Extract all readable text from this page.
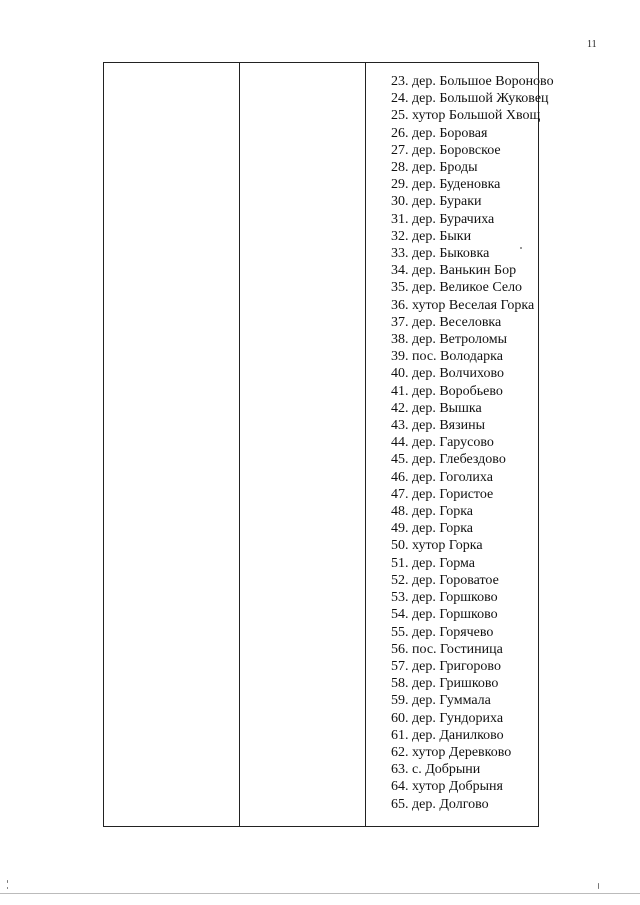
11

23. дер. Большое Вороново
24. дер. Большой Жуковец
25. хутор Большой Хвощ
26. дер. Боровая
27. дер. Боровское
28. дер. Броды
29. дер. Буденовка
30. дер. Бураки
31. дер. Бурачиха
32. дер. Быки
33. дер. Быковка
34. дер. Ванькин Бор
35. дер. Великое Село
36. хутор Веселая Горка
37. дер. Веселовка
38. дер. Ветроломы
39. пос. Володарка
40. дер. Волчихово
41. дер. Воробьево
42. дер. Вышка
43. дер. Вязины
44. дер. Гарусово
45. дер. Глебездово
46. дер. Гоголиха
47. дер. Гористое
48. дер. Горка
49. дер. Горка
50. хутор Горка
51. дер. Горма
52. дер. Гороватое
53. дер. Горшково
54. дер. Горшково
55. дер. Горячево
56. пос. Гостиница
57. дер. Григорово
58. дер. Гришково
59. дер. Гуммала
60. дер. Гундориха
61. дер. Данилково
62. хутор Деревково
63. с. Добрыни
64. хутор Добрыня
65. дер. Долгово
